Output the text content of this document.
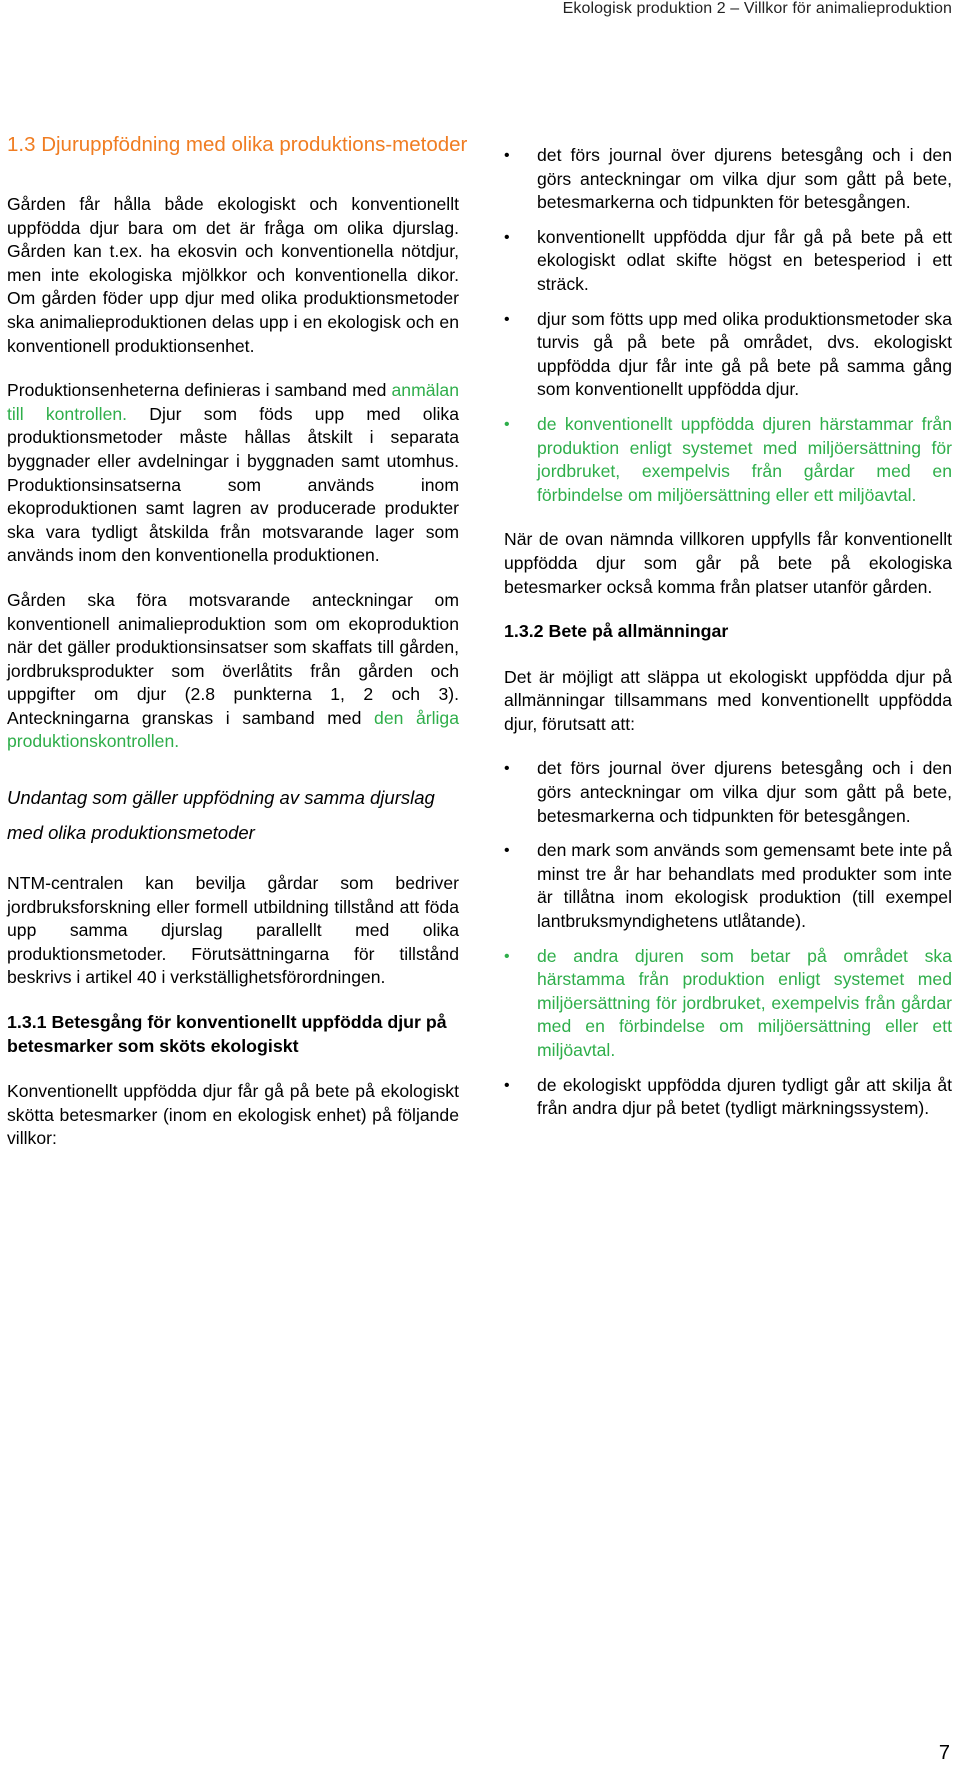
Ekologisk produktion 2 – Villkor för animalieproduktion
1.3 Djuruppfödning med olika produktions-metoder

Gården får hålla både ekologiskt och konventionellt uppfödda djur bara om det är fråga om olika djurslag. Gården kan t.ex. ha ekosvin och konventionella nötdjur, men inte ekologiska mjölkkor och konventionella dikor. Om gården föder upp djur med olika produktionsmetoder ska animalieproduktionen delas upp i en ekologisk och en konventionell produktionsenhet.

Produktionsenheterna definieras i samband med anmälan till kontrollen. Djur som föds upp med olika produktionsmetoder måste hållas åtskilt i separata byggnader eller avdelningar i byggnaden samt utomhus. Produktionsinsatserna som används inom ekoproduktionen samt lagren av producerade produkter ska vara tydligt åtskilda från motsvarande lager som används inom den konventionella produktionen.

Gården ska föra motsvarande anteckningar om konventionell animalieproduktion som om ekoproduktion när det gäller produktionsinsatser som skaffats till gården, jordbruksprodukter som överlåtits från gården och uppgifter om djur (2.8 punkterna 1, 2 och 3). Anteckningarna granskas i samband med den årliga produktionskontrollen.

Undantag som gäller uppfödning av samma djurslag med olika produktionsmetoder

NTM-centralen kan bevilja gårdar som bedriver jordbruksforskning eller formell utbildning tillstånd att föda upp samma djurslag parallellt med olika produktionsmetoder. Förutsättningarna för tillstånd beskrivs i artikel 40 i verkställighetsförordningen.

1.3.1 Betesgång för konventionellt uppfödda djur på betesmarker som sköts ekologiskt

Konventionellt uppfödda djur får gå på bete på ekologiskt skötta betesmarker (inom en ekologisk enhet) på följande villkor:

• det förs journal över djurens betesgång och i den görs anteckningar om vilka djur som gått på bete, betesmarkerna och tidpunkten för betesgången.
• konventionellt uppfödda djur får gå på bete på ett ekologiskt odlat skifte högst en betesperiod i ett sträck.
• djur som fötts upp med olika produktionsmetoder ska turvis gå på bete på området, dvs. ekologiskt uppfödda djur får inte gå på bete på samma gång som konventionellt uppfödda djur.
• de konventionellt uppfödda djuren härstammar från produktion enligt systemet med miljöersättning för jordbruket, exempelvis från gårdar med en förbindelse om miljöersättning eller ett miljöavtal.

När de ovan nämnda villkoren uppfylls får konventionellt uppfödda djur som går på bete på ekologiska betesmarker också komma från platser utanför gården.

1.3.2 Bete på allmänningar

Det är möjligt att släppa ut ekologiskt uppfödda djur på allmänningar tillsammans med konventionellt uppfödda djur, förutsatt att:

• det förs journal över djurens betesgång och i den görs anteckningar om vilka djur som gått på bete, betesmarkerna och tidpunkten för betesgången.
• den mark som används som gemensamt bete inte på minst tre år har behandlats med produkter som inte är tillåtna inom ekologisk produktion (till exempel lantbruksmyndighetens utlåtande).
• de andra djuren som betar på området ska härstamma från produktion enligt systemet med miljöersättning för jordbruket, exempelvis från gårdar med en förbindelse om miljöersättning eller ett miljöavtal.
• de ekologiskt uppfödda djuren tydligt går att skilja åt från andra djur på betet (tydligt märkningssystem).
7
